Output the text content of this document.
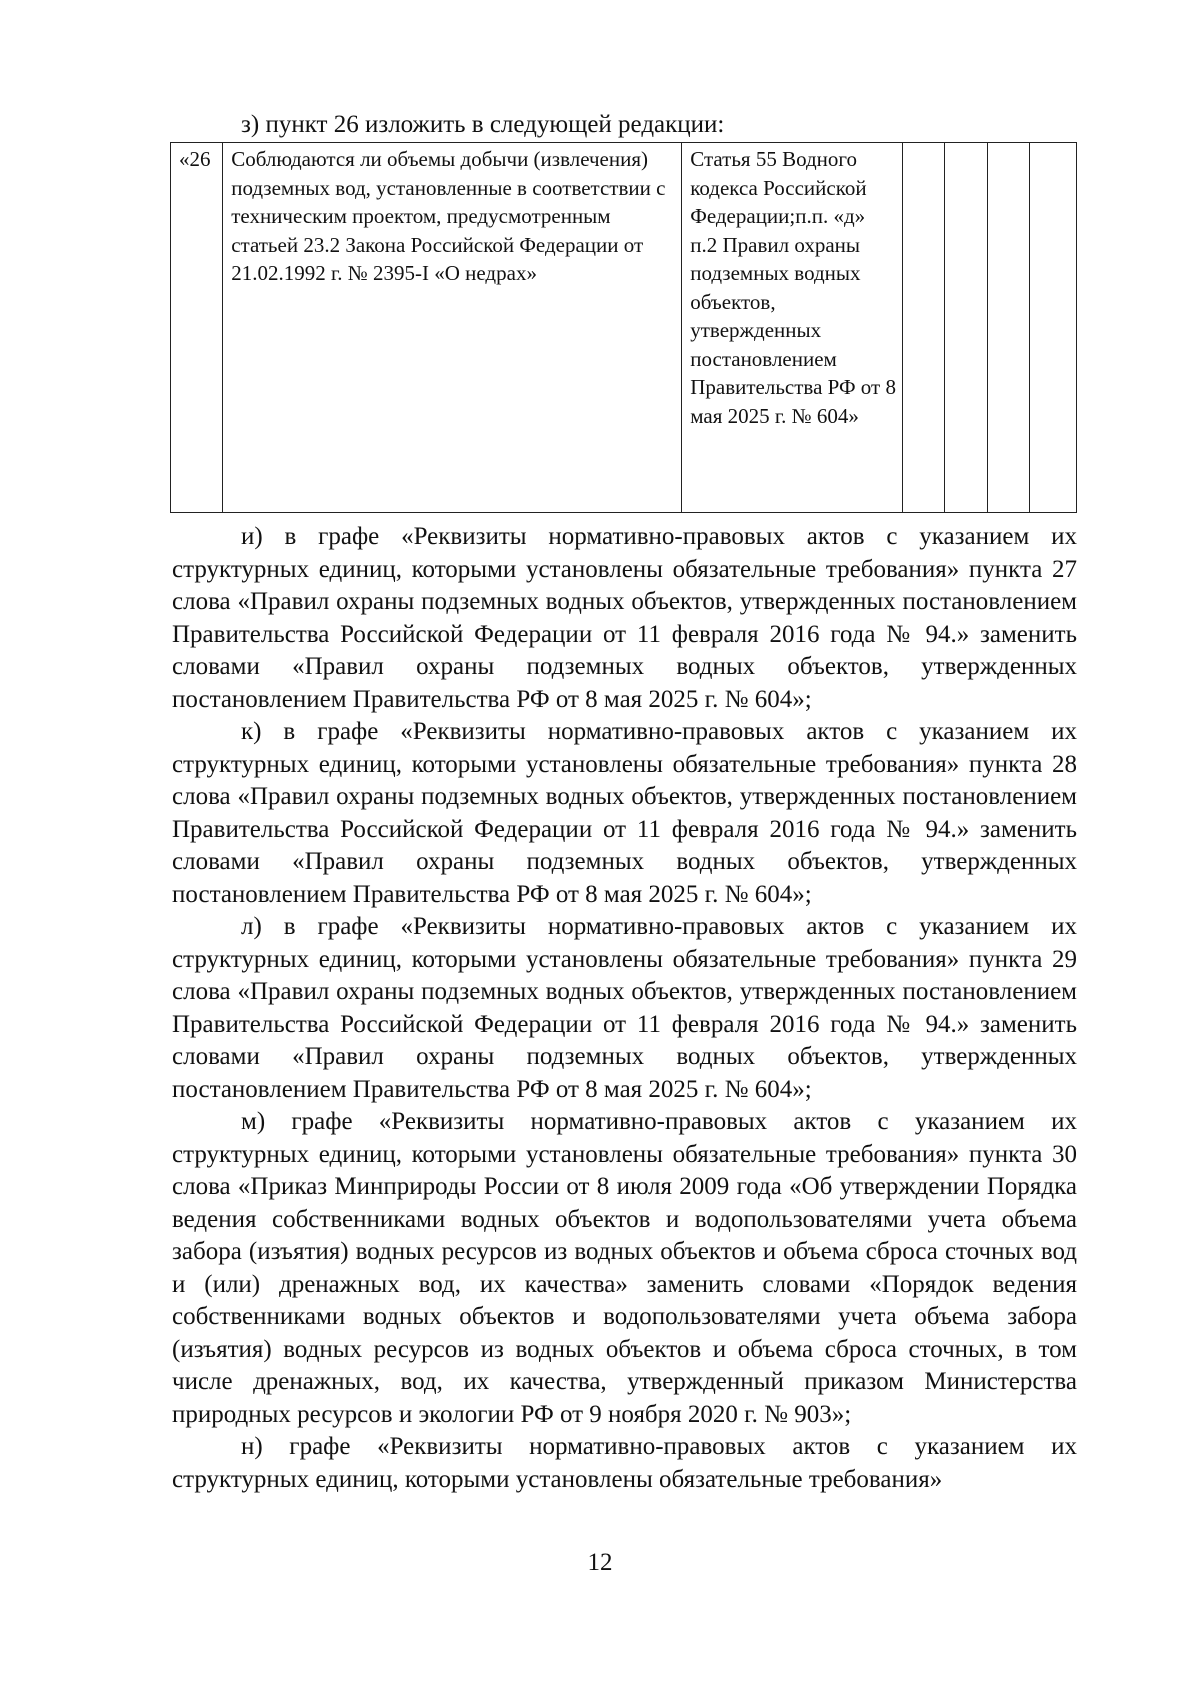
з) пункт 26 изложить в следующей редакции:
«26	Соблюдаются ли объемы добычи (извлечения) подземных вод, установленные в соответствии с техническим проектом, предусмотренным статьей 23.2 Закона Российской Федерации от 21.02.1992 г. № 2395-I «О недрах»	Статья 55 Водного кодекса Российской Федерации;п.п. «д» п.2 Правил охраны подземных водных объектов, утвержденных постановлением Правительства РФ от 8 мая 2025 г. № 604»				

и) в графе «Реквизиты нормативно-правовых актов с указанием их структурных единиц, которыми установлены обязательные требования» пункта 27 слова «Правил охраны подземных водных объектов, утвержденных постановлением Правительства Российской Федерации от 11 февраля 2016 года № 94.» заменить словами «Правил охраны подземных водных объектов, утвержденных постановлением Правительства РФ от 8 мая 2025 г. № 604»;

к) в графе «Реквизиты нормативно-правовых актов с указанием их структурных единиц, которыми установлены обязательные требования» пункта 28 слова «Правил охраны подземных водных объектов, утвержденных постановлением Правительства Российской Федерации от 11 февраля 2016 года № 94.» заменить словами «Правил охраны подземных водных объектов, утвержденных постановлением Правительства РФ от 8 мая 2025 г. № 604»;

л) в графе «Реквизиты нормативно-правовых актов с указанием их структурных единиц, которыми установлены обязательные требования» пункта 29 слова «Правил охраны подземных водных объектов, утвержденных постановлением Правительства Российской Федерации от 11 февраля 2016 года № 94.» заменить словами «Правил охраны подземных водных объектов, утвержденных постановлением Правительства РФ от 8 мая 2025 г. № 604»;

м) графе «Реквизиты нормативно-правовых актов с указанием их структурных единиц, которыми установлены обязательные требования» пункта 30 слова «Приказ Минприроды России от 8 июля 2009 года «Об утверждении Порядка ведения собственниками водных объектов и водопользователями учета объема забора (изъятия) водных ресурсов из водных объектов и объема сброса сточных вод и (или) дренажных вод, их качества» заменить словами «Порядок ведения собственниками водных объектов и водопользователями учета объема забора (изъятия) водных ресурсов из водных объектов и объема сброса сточных, в том числе дренажных, вод, их качества, утвержденный приказом Министерства природных ресурсов и экологии РФ от 9 ноября 2020 г. № 903»;

н) графе «Реквизиты нормативно-правовых актов с указанием их структурных единиц, которыми установлены обязательные требования»

12
